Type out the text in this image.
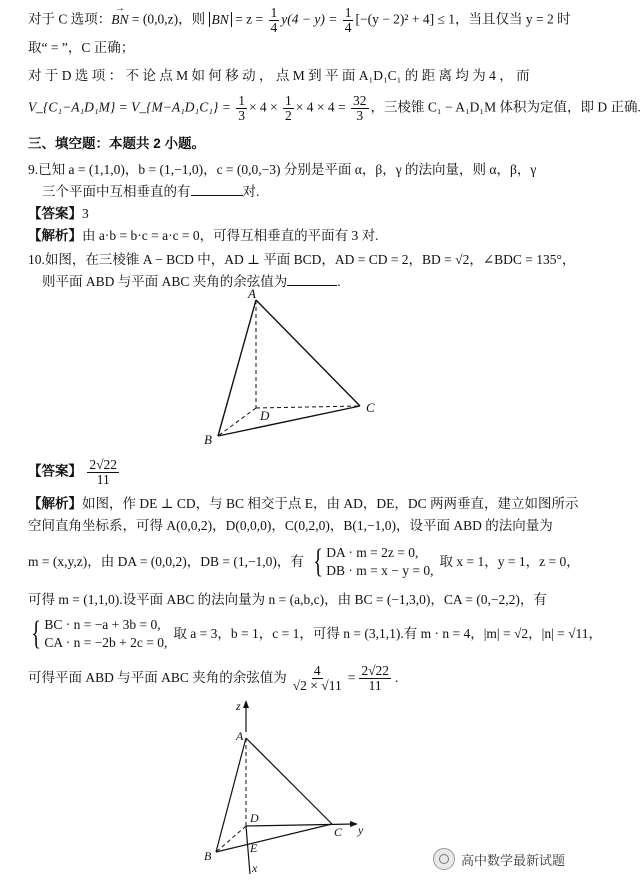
对于 C 选项：→ BN = (0,0,z)，则 BN = $z = \frac{1}{4} y(4 - y) = \frac{1}{4} [-(y - 2)^2 + 4] \le 1$，当且仅当 y = 2 时
取“ = ”，C 正确；
对 于 D 选 项 ： 不 论 点 M 如 何 移 动 ， 点 M 到 平 面 A₁D₁C₁ 的 距 离 均 为 4 ， 而
V_{C₁−A₁D₁M} = V_{M−A₁D₁C₁} = $\frac{1}{3} \times 4 \times \frac{1}{2} \times 4 \times 4 = \frac{32}{3}$ ，三棱锥 C₁ − A₁D₁M 体积为定值，即 D 正确.
三、填空题：本题共 2 小题。
9.已知 a = (1,1,0)，b = (1,−1,0)，c = (0,0,−3) 分别是平面 α，β，γ 的法向量，则 α，β，γ
三个平面中互相垂直的有	对.
【答案】3
【解析】由 a·b = b·c = a·c = 0，可得互相垂直的平面有 3 对.
10.如图，在三棱锥 A − BCD 中，AD ⊥ 平面 BCD，AD = CD = 2，BD = √2，∠BDC = 135°，
则平面 ABD 与平面 ABC 夹角的余弦值为	.
A
B
C
D
【答案】 $\frac{2√22}{11}$
【解析】如图，作 DE ⊥ CD，与 BC 相交于点 E，由 AD，DE，DC 两两垂直，建立如图所示
空间直角坐标系，可得 A(0,0,2)，D(0,0,0)，C(0,2,0)，B(1,−1,0)，设平面 ABD 的法向量为
m = (x,y,z)，由 DA = (0,0,2)，DB = (1,−1,0)，有 { DA · m = 2z = 0,
DB · m = x − y = 0,
取 x = 1，y = 1，z = 0，
可得 m = (1,1,0).设平面 ABC 的法向量为 n = (a,b,c)，由 BC = (−1,3,0)，CA = (0,−2,2)，有
{ BC · n = −a + 3b = 0,
CA · n = −2b + 2c = 0,
取 a = 3，b = 1，c = 1，可得 n = (3,1,1).有 m · n = 4，|m| = √2，|n| = √11，
可得平面 ABD 与平面 ABC 夹角的余弦值为 $\frac{4}{√2 \times √11} = \frac{2√22}{11}$ .
z
A
D
C y
B
E
x
高中数学最新试题
